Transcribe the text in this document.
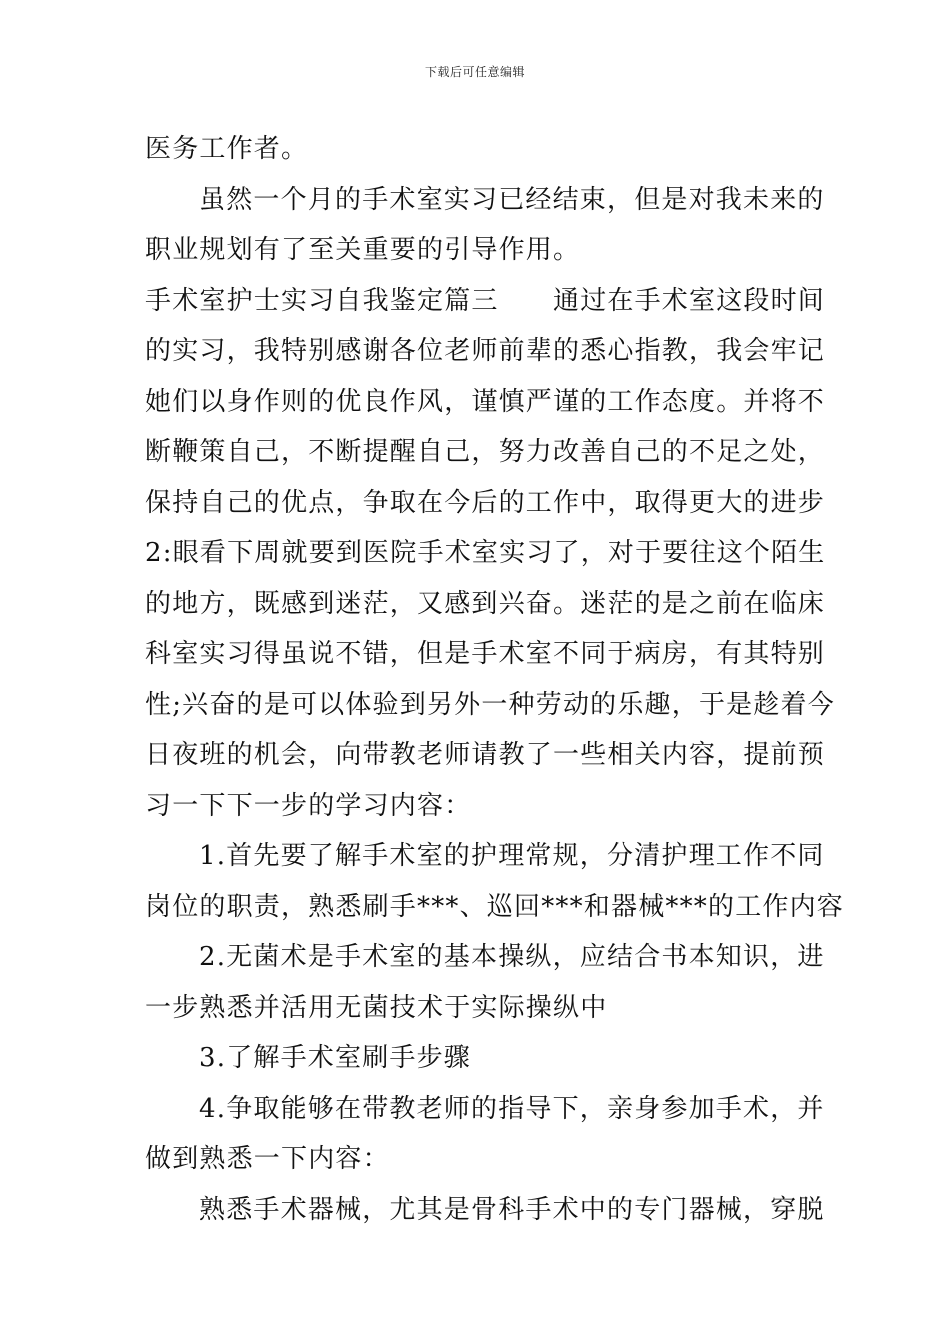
下载后可任意编辑
医务工作者。
虽然一个月的手术室实习已经结束，但是对我未来的
职业规划有了至关重要的引导作用。
手术室护士实习自我鉴定篇三　　通过在手术室这段时间
的实习，我特别感谢各位老师前辈的悉心指教，我会牢记
她们以身作则的优良作风，谨慎严谨的工作态度。并将不
断鞭策自己，不断提醒自己，努力改善自己的不足之处，
保持自己的优点，争取在今后的工作中，取得更大的进步
2:眼看下周就要到医院手术室实习了，对于要往这个陌生
的地方，既感到迷茫，又感到兴奋。迷茫的是之前在临床
科室实习得虽说不错，但是手术室不同于病房，有其特别
性;兴奋的是可以体验到另外一种劳动的乐趣，于是趁着今
日夜班的机会，向带教老师请教了一些相关内容，提前预
习一下下一步的学习内容：
1.首先要了解手术室的护理常规，分清护理工作不同
岗位的职责，熟悉刷手***、巡回***和器械***的工作内容
2.无菌术是手术室的基本操纵，应结合书本知识，进
一步熟悉并活用无菌技术于实际操纵中
3.了解手术室刷手步骤
4.争取能够在带教老师的指导下，亲身参加手术，并
做到熟悉一下内容：
熟悉手术器械，尤其是骨科手术中的专门器械，穿脱
